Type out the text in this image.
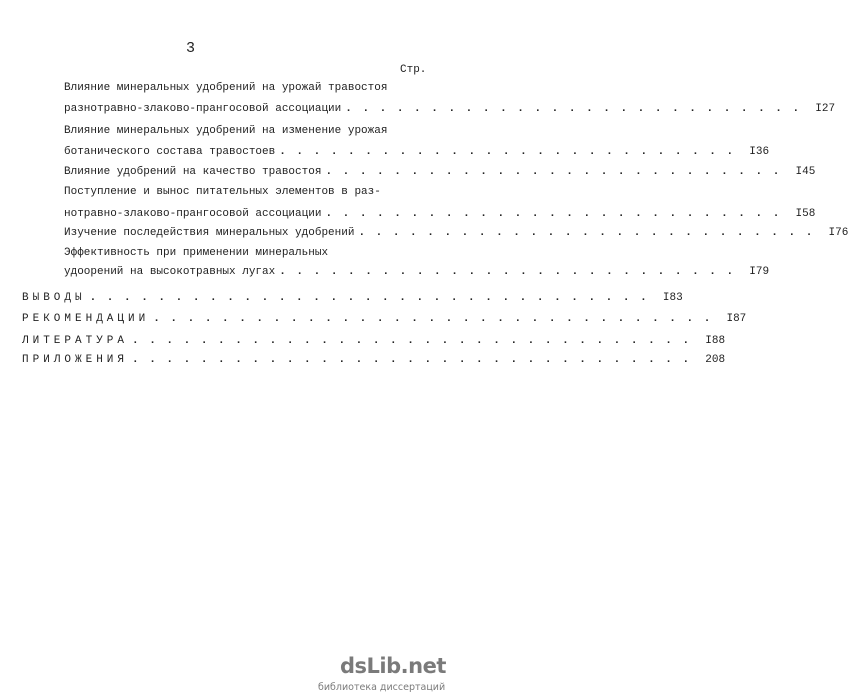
3
Стр.
Влияние минеральных удобрений на урожай травостоя
разнотравно-злаково-прангосовой ассоциации . . . . . . . . . . . . . . . . . . . . . . . . . . .	I27
Влияние минеральных удобрений на изменение урожая
ботанического состава травостоев . . . . . . . . . . . . . . . . . . . . . . . . . . .	I36
Влияние удобрений на качество травостоя . . . . . . . . . . . . . . . . . . . . . . . . . . .	I45
Поступление и вынос питательных элементов в раз-
нотравно-злаково-прангосовой ассоциации . . . . . . . . . . . . . . . . . . . . . . . . . . .	I58
Изучение последействия минеральных удобрений . . . . . . . . . . . . . . . . . . . . . . . . . . .	I76
Эффективность при применении минеральных
удоорений на высокотравных лугах . . . . . . . . . . . . . . . . . . . . . . . . . . .	I79
ВЫВОДЫ . . . . . . . . . . . . . . . . . . . . . . . . . . . . . . . . .	I83
РЕКОМЕНДАЦИИ . . . . . . . . . . . . . . . . . . . . . . . . . . . . . . . . .	I87
ЛИТЕРАТУРА . . . . . . . . . . . . . . . . . . . . . . . . . . . . . . . . .	I88
ПРИЛОЖЕНИЯ . . . . . . . . . . . . . . . . . . . . . . . . . . . . . . . . .	208
dsLib.net
библиотека диссертаций
